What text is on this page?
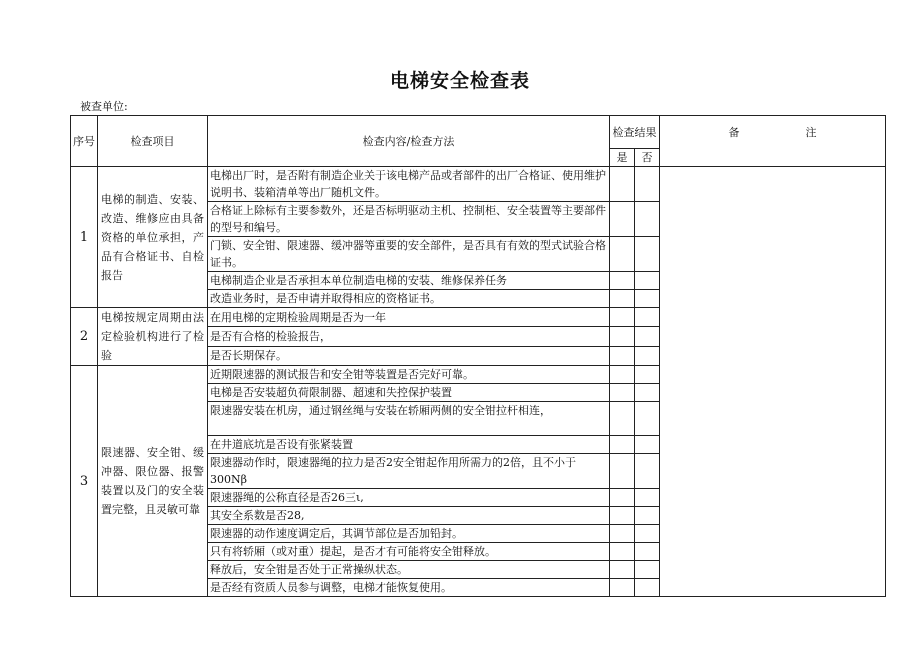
电梯安全检查表
被查单位:
序号	检查项目	检查内容/检查方法	检查结果		备　　　　　　注
			是	否	
1	电梯的制造、安装、改造、维修应由具备资格的单位承担，产品有合格证书、自检报告	电梯出厂时，是否附有制造企业关于该电梯产品或者部件的出厂合格证、使用维护说明书、装箱清单等出厂随机文件。			
		合格证上除标有主要参数外，还是否标明驱动主机、控制柜、安全装置等主要部件的型号和编号。			
		门锁、安全钳、限速器、缓冲器等重要的安全部件，是否具有有效的型式试验合格证书。			
		电梯制造企业是否承担本单位制造电梯的安装、维修保养任务			
		改造业务时，是否申请并取得相应的资格证书。			
2	电梯按规定周期由法定检验机构进行了检验	在用电梯的定期检验周期是否为一年			
		是否有合格的检验报告，			
		是否长期保存。			
3	限速器、安全钳、缓冲器、限位器、报警装置以及门的安全装置完整，且灵敏可靠	近期限速器的测试报告和安全钳等装置是否完好可靠。			
		电梯是否安装超负荷限制器、超速和失控保护装置			
		限速器安装在机房，通过钢丝绳与安装在轿厢两侧的安全钳拉杆相连，			
		在井道底坑是否设有张紧装置			
		限速器动作时，限速器绳的拉力是否2安全钳起作用所需力的2倍，且不小于300Nβ			
		限速器绳的公称直径是否26三ι,			
		其安全系数是否28,			
		限速器的动作速度调定后，其调节部位是否加铅封。			
		只有将轿厢（或对重）提起，是否才有可能将安全钳释放。			
		释放后，安全钳是否处于正常操纵状态。			
		是否经有资质人员参与调整，电梯才能恢复使用。			
